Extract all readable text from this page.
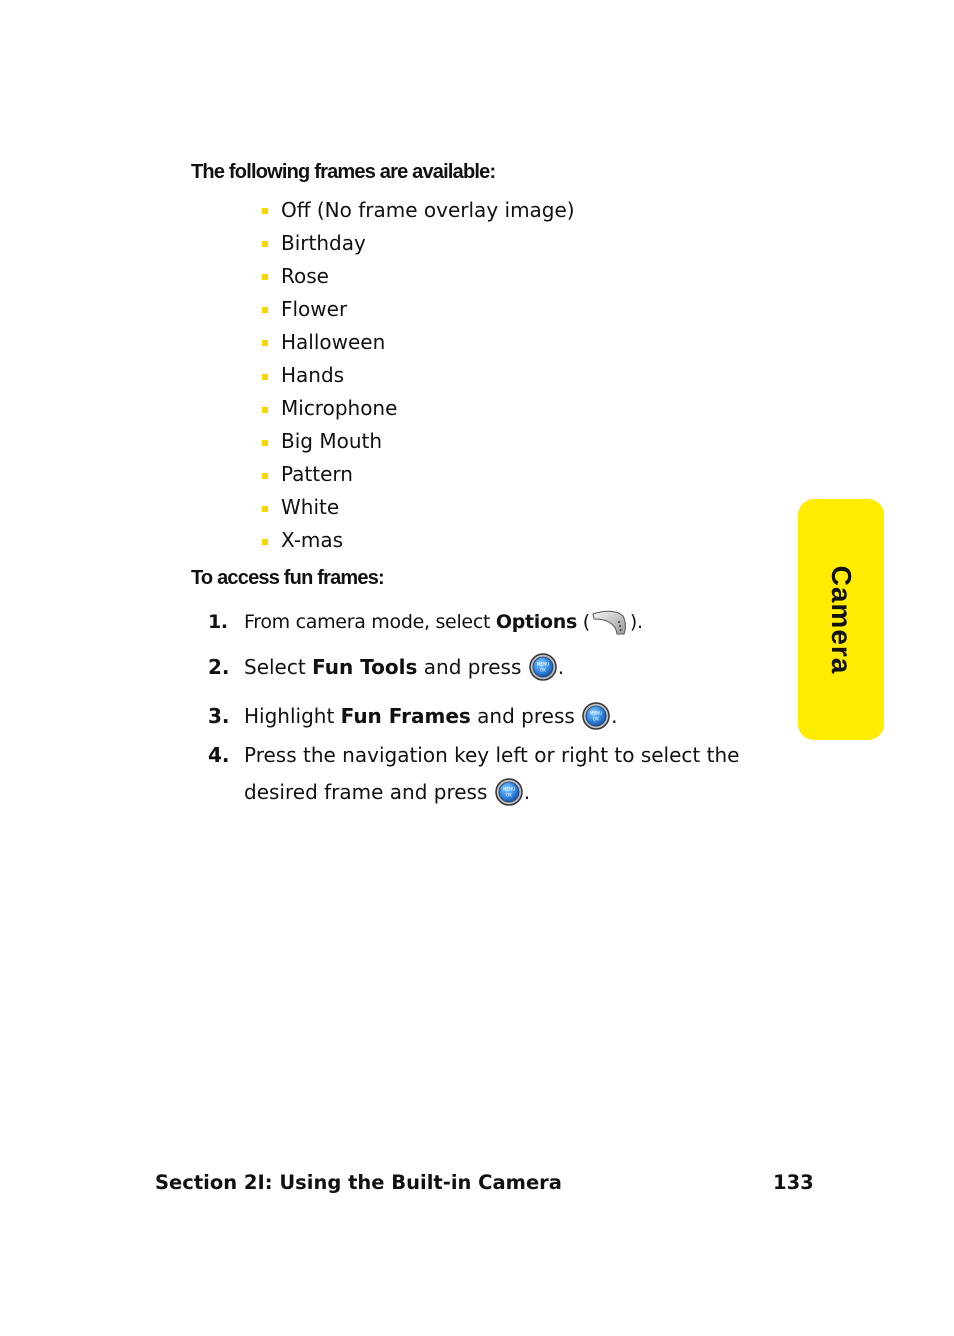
The following frames are available:
Off (No frame overlay image)
Birthday
Rose
Flower
Halloween
Hands
Microphone
Big Mouth
Pattern
White
X-mas
To access fun frames:
1. From camera mode, select Options ( ).
2. Select Fun Tools and press MENU
OK .
3. Highlight Fun Frames and press MENU
OK .
4. Press the navigation key left or right to select the
desired frame and press MENU
OK .
Camera
Section 2I: Using the Built-in Camera	133
